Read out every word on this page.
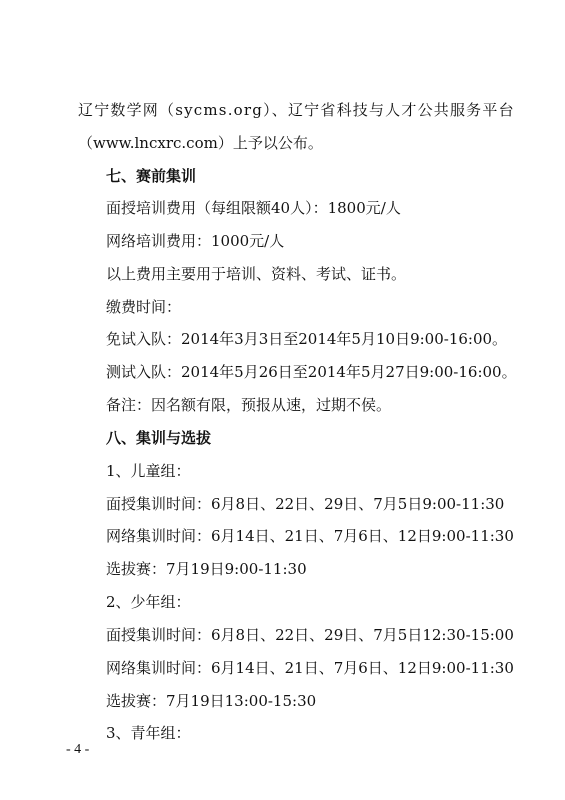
辽宁数学网（sycms.org）、辽宁省科技与人才公共服务平台
（www.lncxrc.com）上予以公布。
七、赛前集训
面授培训费用（每组限额40人）：1800元/人
网络培训费用：1000元/人
以上费用主要用于培训、资料、考试、证书。
缴费时间：
免试入队：2014年3月3日至2014年5月10日9:00-16:00。
测试入队：2014年5月26日至2014年5月27日9:00-16:00。
备注：因名额有限，预报从速，过期不侯。
八、集训与选拔
1、儿童组：
面授集训时间：6月8日、22日、29日、7月5日9:00-11:30
网络集训时间：6月14日、21日、7月6日、12日9:00-11:30
选拔赛：7月19日9:00-11:30
2、少年组：
面授集训时间：6月8日、22日、29日、7月5日12:30-15:00
网络集训时间：6月14日、21日、7月6日、12日9:00-11:30
选拔赛：7月19日13:00-15:30
3、青年组：
- 4 -
